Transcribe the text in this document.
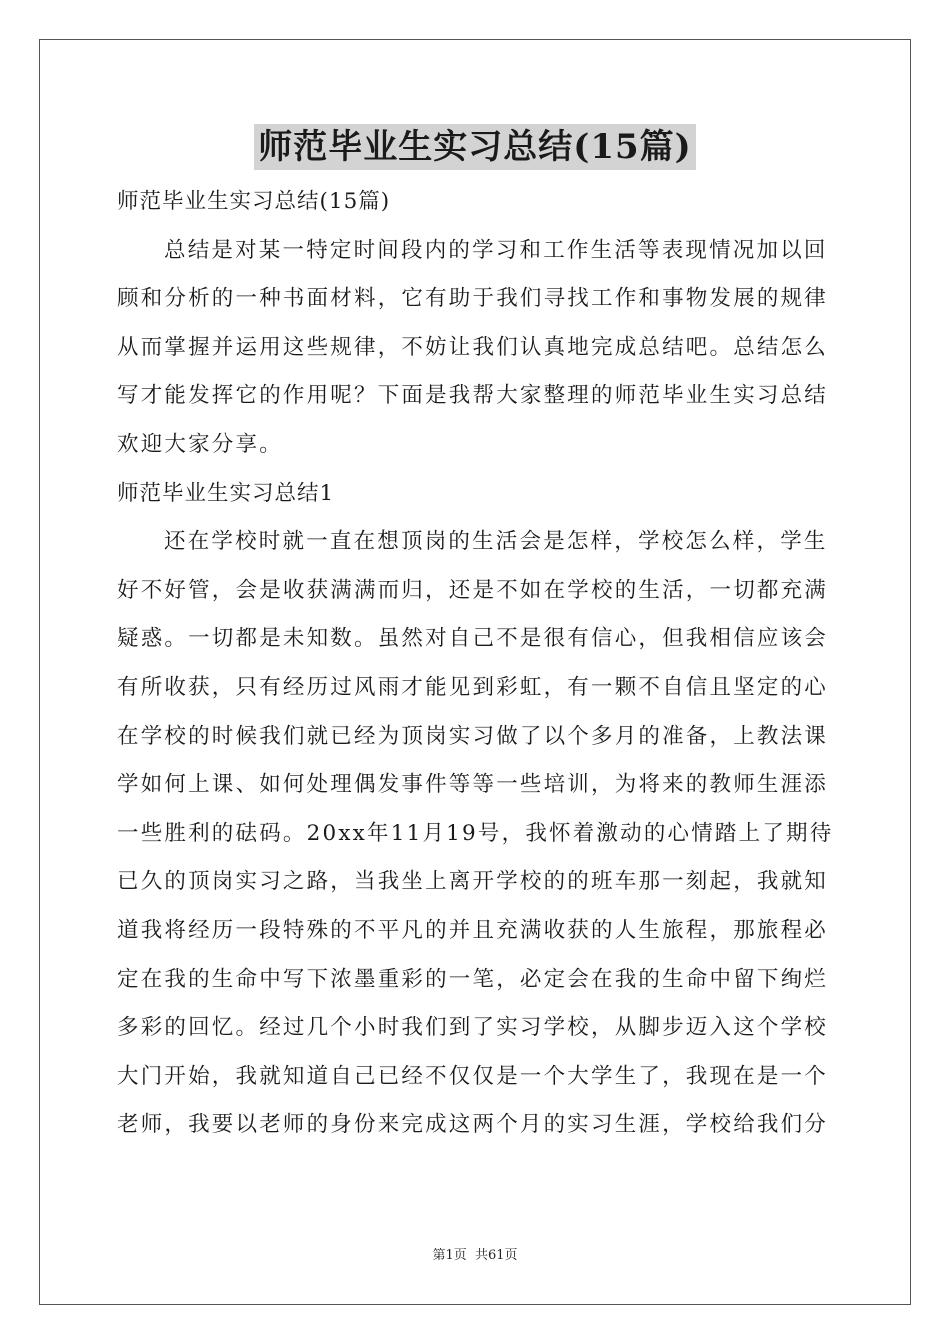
师范毕业生实习总结(15篇)
师范毕业生实习总结(15篇)
总结是对某一特定时间段内的学习和工作生活等表现情况加以回
顾和分析的一种书面材料，它有助于我们寻找工作和事物发展的规律
从而掌握并运用这些规律，不妨让我们认真地完成总结吧。总结怎么
写才能发挥它的作用呢？下面是我帮大家整理的师范毕业生实习总结
欢迎大家分享。
师范毕业生实习总结1
还在学校时就一直在想顶岗的生活会是怎样，学校怎么样，学生
好不好管，会是收获满满而归，还是不如在学校的生活，一切都充满
疑惑。一切都是未知数。虽然对自己不是很有信心，但我相信应该会
有所收获，只有经历过风雨才能见到彩虹，有一颗不自信且坚定的心
在学校的时候我们就已经为顶岗实习做了以个多月的准备，上教法课
学如何上课、如何处理偶发事件等等一些培训，为将来的教师生涯添
一些胜利的砝码。20xx年11月19号，我怀着激动的心情踏上了期待
已久的顶岗实习之路，当我坐上离开学校的的班车那一刻起，我就知
道我将经历一段特殊的不平凡的并且充满收获的人生旅程，那旅程必
定在我的生命中写下浓墨重彩的一笔，必定会在我的生命中留下绚烂
多彩的回忆。经过几个小时我们到了实习学校，从脚步迈入这个学校
大门开始，我就知道自己已经不仅仅是一个大学生了，我现在是一个
老师，我要以老师的身份来完成这两个月的实习生涯，学校给我们分
第1页 共61页
